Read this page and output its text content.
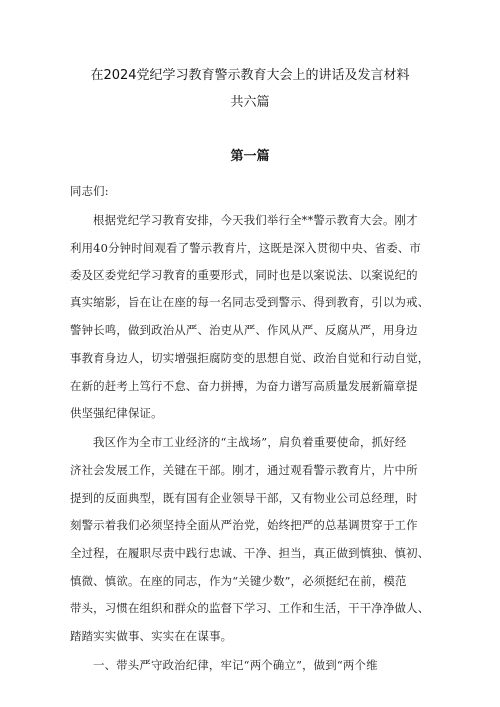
在2024党纪学习教育警示教育大会上的讲话及发言材料
共六篇
第一篇
同志们:
根据党纪学习教育安排，今天我们举行全**警示教育大会。刚才
利用40分钟时间观看了警示教育片，这既是深入贯彻中央、省委、市
委及区委党纪学习教育的重要形式，同时也是以案说法、以案说纪的
真实缩影，旨在让在座的每一名同志受到警示、得到教育，引以为戒、
警钟长鸣，做到政治从严、治吏从严、作风从严、反腐从严，用身边
事教育身边人，切实增强拒腐防变的思想自觉、政治自觉和行动自觉，
在新的赶考上笃行不怠、奋力拼搏，为奋力谱写高质量发展新篇章提
供坚强纪律保证。
我区作为全市工业经济的“主战场”，肩负着重要使命，抓好经
济社会发展工作，关键在干部。刚才，通过观看警示教育片，片中所
提到的反面典型，既有国有企业领导干部，又有物业公司总经理，时
刻警示着我们必须坚持全面从严治党，始终把严的总基调贯穿于工作
全过程，在履职尽责中践行忠诚、干净、担当，真正做到慎独、慎初、
慎微、慎欲。在座的同志，作为“关键少数”，必须挺纪在前，模范
带头，习惯在组织和群众的监督下学习、工作和生活，干干净净做人、
踏踏实实做事、实实在在谋事。
一、带头严守政治纪律，牢记“两个确立”，做到“两个维
